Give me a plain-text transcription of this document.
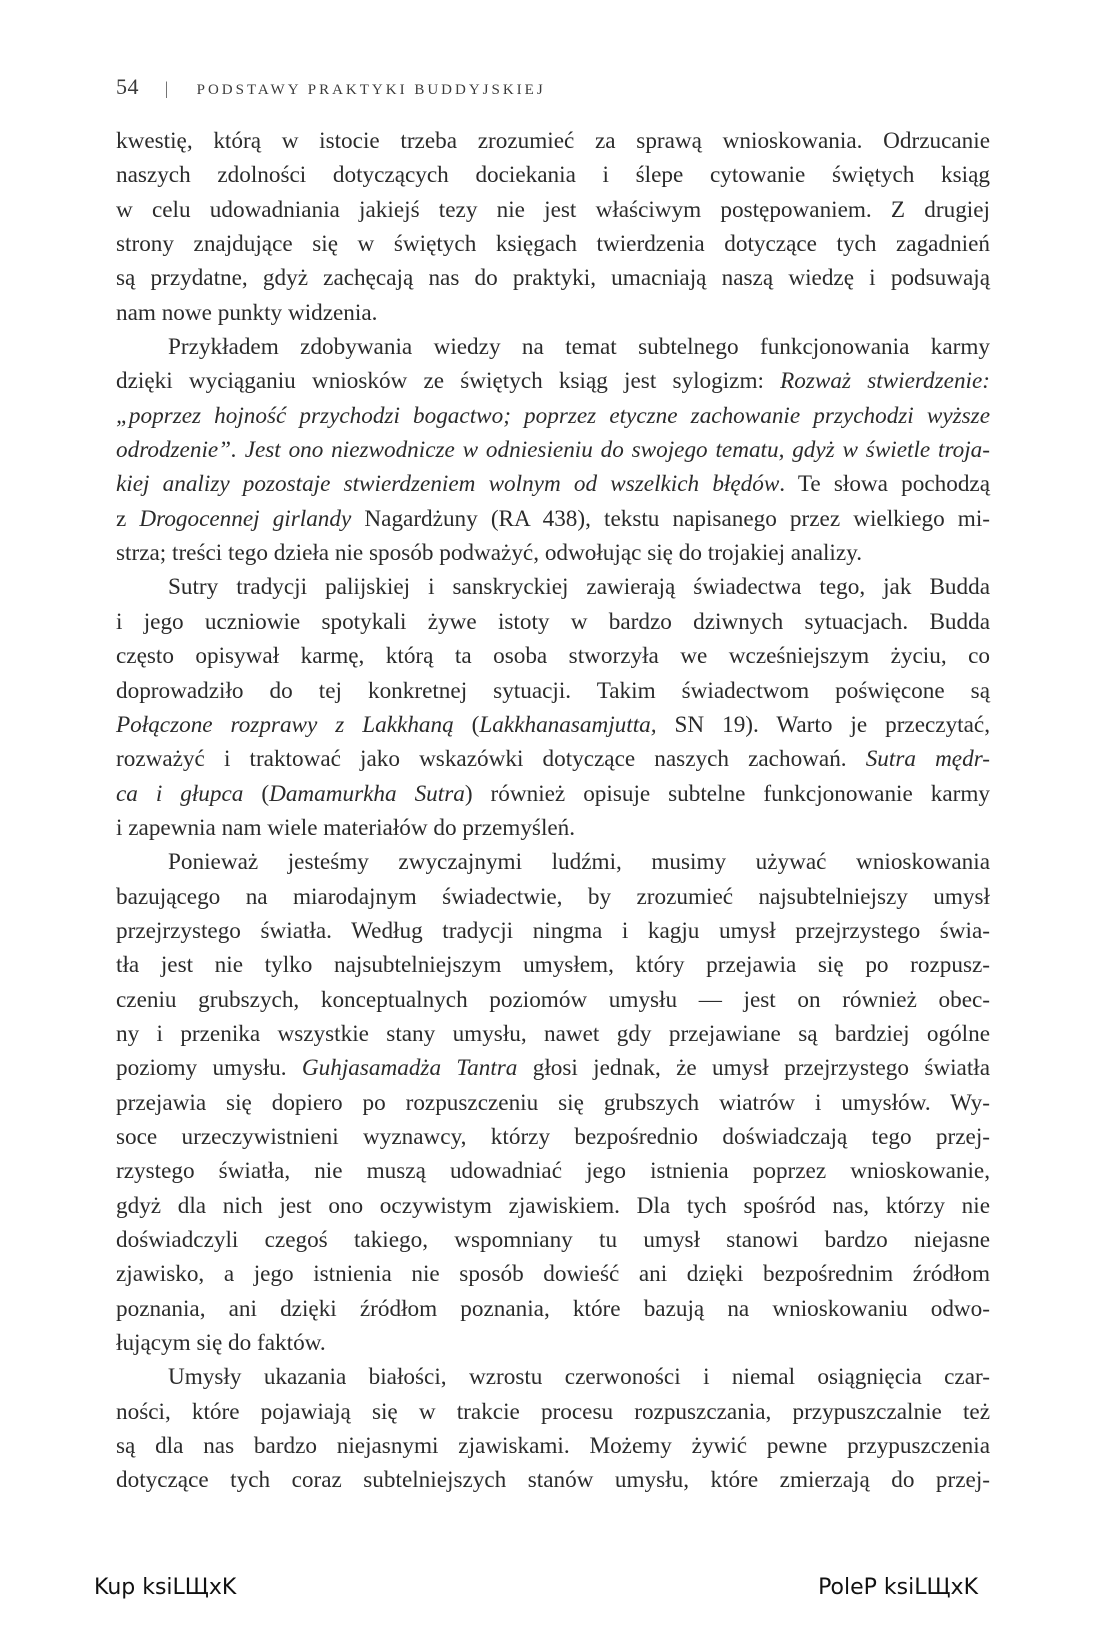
54 | PODSTAWY PRAKTYKI BUDDYJSKIEJ
kwestię, którą w istocie trzeba zrozumieć za sprawą wnioskowania. Odrzucanie
naszych zdolności dotyczących dociekania i ślepe cytowanie świętych ksiąg
w celu udowadniania jakiejś tezy nie jest właściwym postępowaniem. Z drugiej
strony znajdujące się w świętych księgach twierdzenia dotyczące tych zagadnień
są przydatne, gdyż zachęcają nas do praktyki, umacniają naszą wiedzę i podsuwają
nam nowe punkty widzenia.
Przykładem zdobywania wiedzy na temat subtelnego funkcjonowania karmy
dzięki wyciąganiu wniosków ze świętych ksiąg jest sylogizm: Rozważ stwierdzenie:
„poprzez hojność przychodzi bogactwo; poprzez etyczne zachowanie przychodzi wyższe
odrodzenie”. Jest ono niezwodnicze w odniesieniu do swojego tematu, gdyż w świetle troja-
kiej analizy pozostaje stwierdzeniem wolnym od wszelkich błędów. Te słowa pochodzą
z Drogocennej girlandy Nagardżuny (RA 438), tekstu napisanego przez wielkiego mi-
strza; treści tego dzieła nie sposób podważyć, odwołując się do trojakiej analizy.
Sutry tradycji palijskiej i sanskryckiej zawierają świadectwa tego, jak Budda
i jego uczniowie spotykali żywe istoty w bardzo dziwnych sytuacjach. Budda
często opisywał karmę, którą ta osoba stworzyła we wcześniejszym życiu, co
doprowadziło do tej konkretnej sytuacji. Takim świadectwom poświęcone są
Połączone rozprawy z Lakkhaną (Lakkhanasamjutta, SN 19). Warto je przeczytać,
rozważyć i traktować jako wskazówki dotyczące naszych zachowań. Sutra mędr-
ca i głupca (Damamurkha Sutra) również opisuje subtelne funkcjonowanie karmy
i zapewnia nam wiele materiałów do przemyśleń.
Ponieważ jesteśmy zwyczajnymi ludźmi, musimy używać wnioskowania
bazującego na miarodajnym świadectwie, by zrozumieć najsubtelniejszy umysł
przejrzystego światła. Według tradycji ningma i kagju umysł przejrzystego świa-
tła jest nie tylko najsubtelniejszym umysłem, który przejawia się po rozpusz-
czeniu grubszych, konceptualnych poziomów umysłu — jest on również obec-
ny i przenika wszystkie stany umysłu, nawet gdy przejawiane są bardziej ogólne
poziomy umysłu. Guhjasamadża Tantra głosi jednak, że umysł przejrzystego światła
przejawia się dopiero po rozpuszczeniu się grubszych wiatrów i umysłów. Wy-
soce urzeczywistnieni wyznawcy, którzy bezpośrednio doświadczają tego przej-
rzystego światła, nie muszą udowadniać jego istnienia poprzez wnioskowanie,
gdyż dla nich jest ono oczywistym zjawiskiem. Dla tych spośród nas, którzy nie
doświadczyli czegoś takiego, wspomniany tu umysł stanowi bardzo niejasne
zjawisko, a jego istnienia nie sposób dowieść ani dzięki bezpośrednim źródłom
poznania, ani dzięki źródłom poznania, które bazują na wnioskowaniu odwo-
łującym się do faktów.
Umysły ukazania białości, wzrostu czerwoności i niemal osiągnięcia czar-
ności, które pojawiają się w trakcie procesu rozpuszczania, przypuszczalnie też
są dla nas bardzo niejasnymi zjawiskami. Możemy żywić pewne przypuszczenia
dotyczące tych coraz subtelniejszych stanów umysłu, które zmierzają do przej-
Kup ksiLЩxK	PoleP ksiLЩxK
